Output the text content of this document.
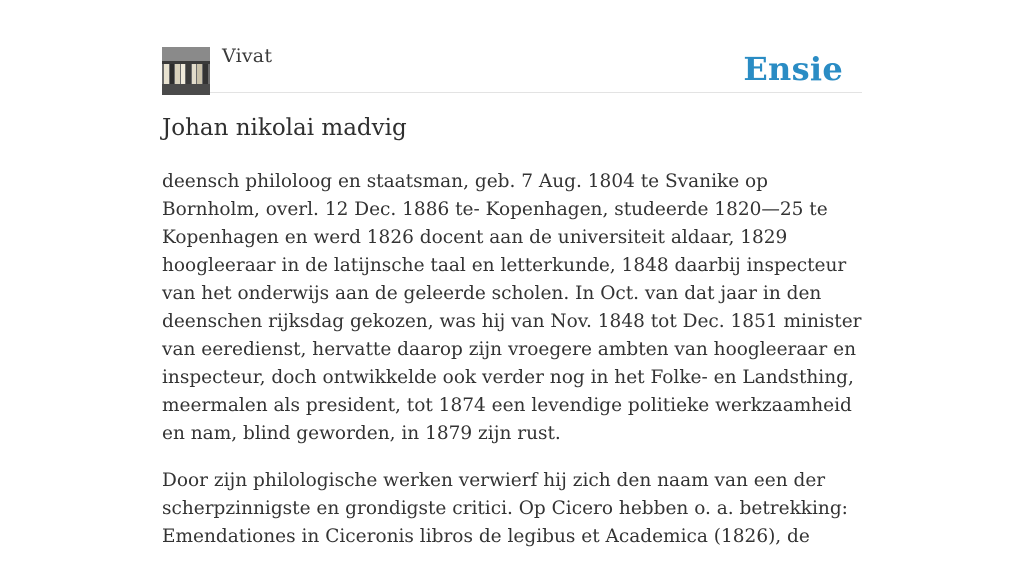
Vivat	Ensie
Johan nikolai madvig

deensch philoloog en staatsman, geb. 7 Aug. 1804 te Svanike op Bornholm, overl. 12 Dec. 1886 te- Kopenhagen, studeerde 1820—25 te Kopenhagen en werd 1826 docent aan de universiteit aldaar, 1829 hoogleeraar in de latijnsche taal en letterkunde, 1848 daarbij inspecteur van het onderwijs aan de geleerde scholen. In Oct. van dat jaar in den deenschen rijksdag gekozen, was hij van Nov. 1848 tot Dec. 1851 minister van eeredienst, hervatte daarop zijn vroegere ambten van hoogleeraar en inspecteur, doch ontwikkelde ook verder nog in het Folke- en Landsthing, meermalen als president, tot 1874 een levendige politieke werkzaamheid en nam, blind geworden, in 1879 zijn rust.

Door zijn philologische werken verwierf hij zich den naam van een der scherpzinnigste en grondigste critici. Op Cicero hebben o. a. betrekking: Emendationes in Ciceronis libros de legibus et Academica (1826), de
